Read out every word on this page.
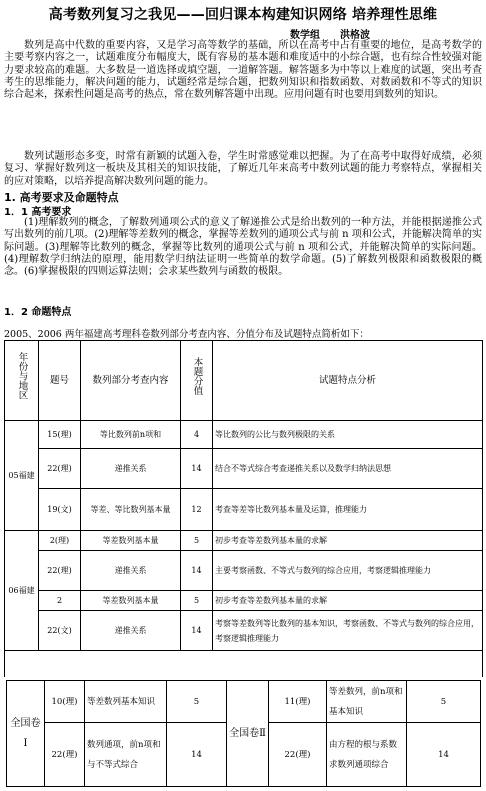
高考数列复习之我见——回归课本构建知识网络 培养理性思维
数学组 洪格波
数列是高中代数的重要内容，又是学习高等数学的基础，所以在高考中占有重要的地位，是高考数学的主要考察内容之一，试题难度分布幅度大，既有容易的基本题和难度适中的小综合题，也有综合性较强对能力要求较高的难题。大多数是一道选择或填空题，一道解答题。解答题多为中等以上难度的试题，突出考查考生的思维能力，解决问题的能力，试题经常是综合题，把数列知识和指数函数、对数函数和不等式的知识综合起来，探索性问题是高考的热点，常在数列解答题中出现。应用问题有时也要用到数列的知识。
数列试题形态多变，时常有新颖的试题入卷，学生时常感觉难以把握。为了在高考中取得好成绩，必须复习、掌握好数列这一板块及其相关的知识技能，了解近几年来高考中数列试题的能力考察特点，掌握相关的应对策略，以培养提高解决数列问题的能力。
1. 高考要求及命题特点
1．1 高考要求
(1)理解数列的概念，了解数列通项公式的意义了解递推公式是给出数列的一种方法，并能根据递推公式写出数列的前几项。(2)理解等差数列的概念，掌握等差数列的通项公式与前 n 项和公式，并能解决简单的实际问题。(3)理解等比数列的概念，掌握等比数列的通项公式与前 n 项和公式，并能解决简单的实际问题。(4)理解数学归纳法的原理，能用数学归纳法证明一些简单的数学命题。(5)了解数列极限和函数极限的概念。(6)掌握极限的四则运算法则；会求某些数列与函数的极限。
1．2 命题特点
2005、2006 两年福建高考理科卷数列部分考查内容、分值分布及试题特点简析如下：
年份与地区	题号	数列部分考查内容	本题分值	试题特点分析
05福建	15(理)	等比数列前n项和	4	等比数列的公比与数列极限的关系
	22(理)	递推关系	14	结合不等式综合考查递推关系以及数学归纳法思想
	19(文)	等差、等比数列基本量	12	考查等差等比数列基本量及运算，推理能力
06福建	2(理)	等差数列基本量	5	初步考查等差数列基本量的求解
	22(理)	递推关系	14	主要考察函数、不等式与数列的综合应用，考察逻辑推理能力
	2	等差数列基本量	5	初步考查等差数列基本量的求解
	22(文)	递推关系	14	考察等差数列等比数列的基本知识，考察函数、不等式与数列的综合应用，考察逻辑推理能力

全国卷Ⅰ	10(理)	等差数列基本知识	5	全国卷Ⅱ	11(理)	等差数列，前n项和基本知识	5
	22(理)	数列通项，前n项和与不等式综合	14		22(理)	由方程的根与系数求数列通项综合	14
